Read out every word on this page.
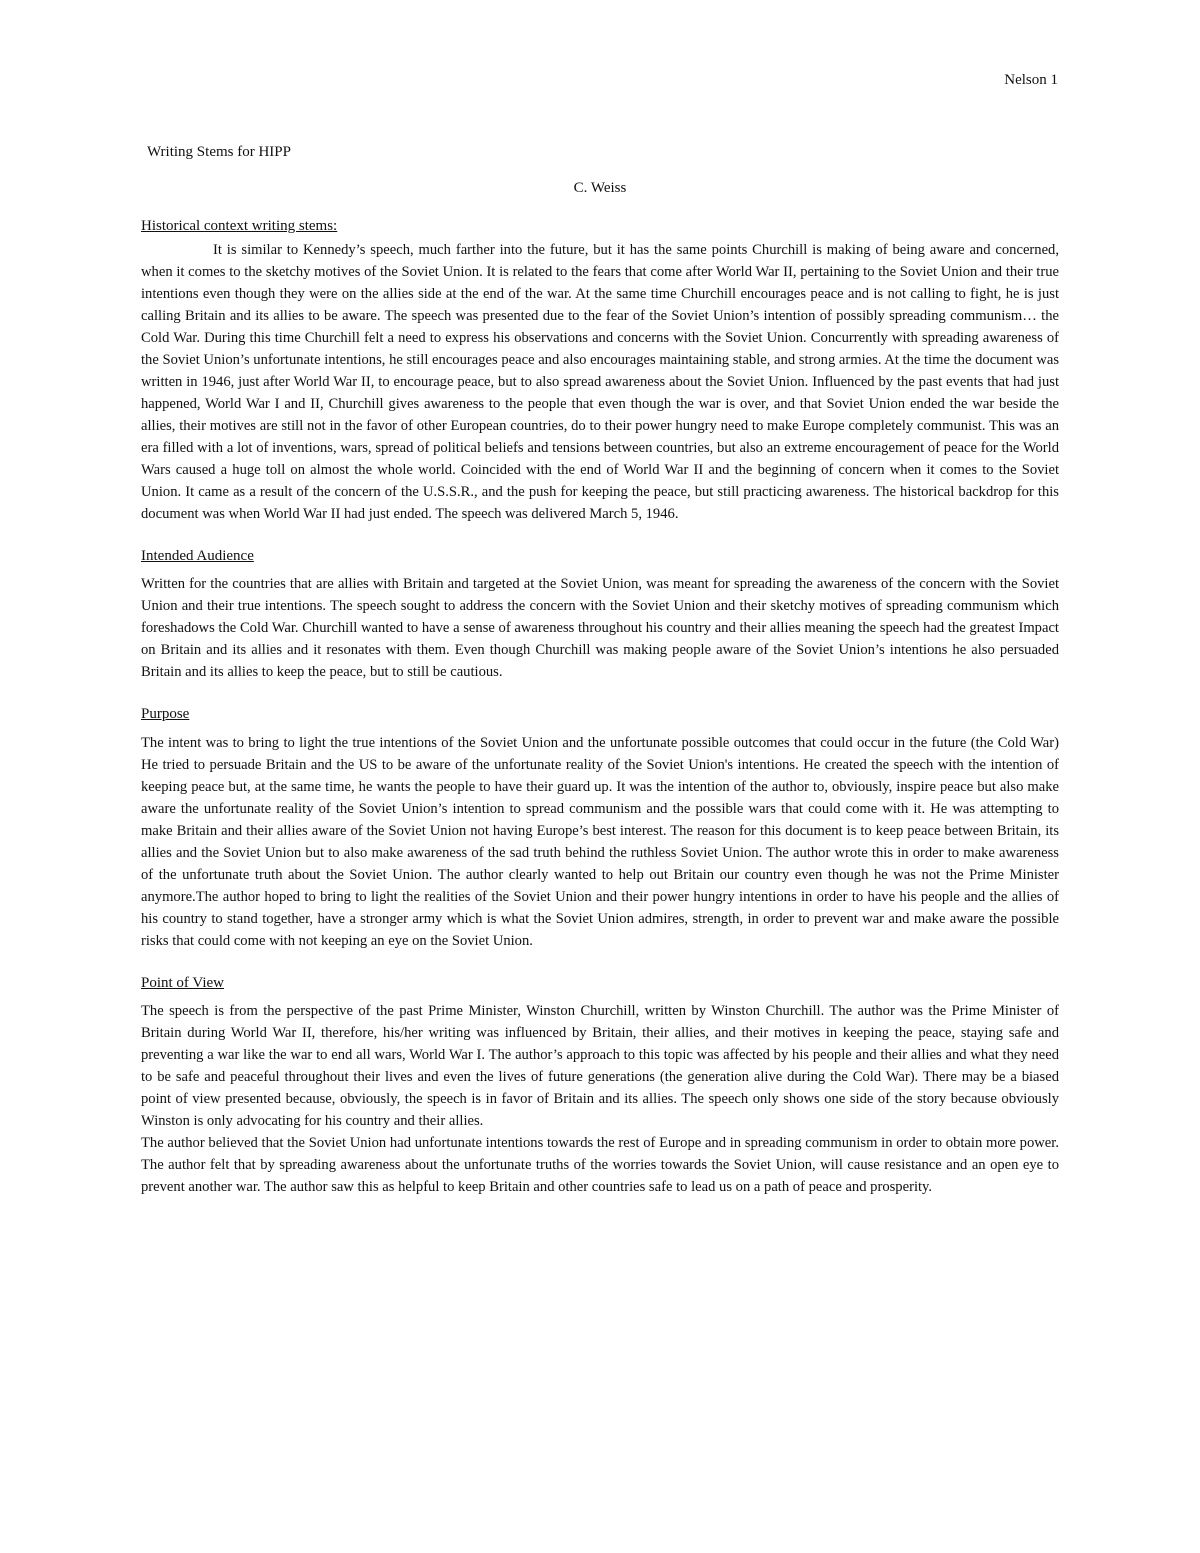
Nelson 1

Writing Stems for HIPP

C. Weiss

Historical context writing stems:

It is similar to Kennedy’s speech, much farther into the future, but it has the same points Churchill is making of being aware and concerned, when it comes to the sketchy motives of the Soviet Union. It is related to the fears that come after World War II, pertaining to the Soviet Union and their true intentions even though they were on the allies side at the end of the war. At the same time Churchill encourages peace and is not calling to fight, he is just calling Britain and its allies to be aware. The speech was presented due to the fear of the Soviet Union’s intention of possibly spreading communism… the Cold War. During this time Churchill felt a need to express his observations and concerns with the Soviet Union. Concurrently with spreading awareness of the Soviet Union’s unfortunate intentions, he still encourages peace and also encourages maintaining stable, and strong armies. At the time the document was written in 1946, just after World War II, to encourage peace, but to also spread awareness about the Soviet Union. Influenced by the past events that had just happened, World War I and II, Churchill gives awareness to the people that even though the war is over, and that Soviet Union ended the war beside the allies, their motives are still not in the favor of other European countries, do to their power hungry need to make Europe completely communist. This was an era filled with a lot of inventions, wars, spread of political beliefs and tensions between countries, but also an extreme encouragement of peace for the World Wars caused a huge toll on almost the whole world. Coincided with the end of World War II and the beginning of concern when it comes to the Soviet Union. It came as a result of the concern of the U.S.S.R., and the push for keeping the peace, but still practicing awareness. The historical backdrop for this document was when World War II had just ended. The speech was delivered March 5, 1946.

Intended Audience

Written for the countries that are allies with Britain and targeted at the Soviet Union, was meant for spreading the awareness of the concern with the Soviet Union and their true intentions. The speech sought to address the concern with the Soviet Union and their sketchy motives of spreading communism which foreshadows the Cold War. Churchill wanted to have a sense of awareness throughout his country and their allies meaning the speech had the greatest Impact on Britain and its allies and it resonates with them. Even though Churchill was making people aware of the Soviet Union’s intentions he also persuaded Britain and its allies to keep the peace, but to still be cautious.

Purpose

The intent was to bring to light the true intentions of the Soviet Union and the unfortunate possible outcomes that could occur in the future (the Cold War) He tried to persuade Britain and the US to be aware of the unfortunate reality of the Soviet Union's intentions. He created the speech with the intention of keeping peace but, at the same time, he wants the people to have their guard up. It was the intention of the author to, obviously, inspire peace but also make aware the unfortunate reality of the Soviet Union’s intention to spread communism and the possible wars that could come with it. He was attempting to make Britain and their allies aware of the Soviet Union not having Europe’s best interest. The reason for this document is to keep peace between Britain, its allies and the Soviet Union but to also make awareness of the sad truth behind the ruthless Soviet Union. The author wrote this in order to make awareness of the unfortunate truth about the Soviet Union. The author clearly wanted to help out Britain our country even though he was not the Prime Minister anymore.The author hoped to bring to light the realities of the Soviet Union and their power hungry intentions in order to have his people and the allies of his country to stand together, have a stronger army which is what the Soviet Union admires, strength, in order to prevent war and make aware the possible risks that could come with not keeping an eye on the Soviet Union.

Point of View

The speech is from the perspective of the past Prime Minister, Winston Churchill, written by Winston Churchill. The author was the Prime Minister of Britain during World War II, therefore, his/her writing was influenced by Britain, their allies, and their motives in keeping the peace, staying safe and preventing a war like the war to end all wars, World War I. The author’s approach to this topic was affected by his people and their allies and what they need to be safe and peaceful throughout their lives and even the lives of future generations (the generation alive during the Cold War). There may be a biased point of view presented because, obviously, the speech is in favor of Britain and its allies. The speech only shows one side of the story because obviously Winston is only advocating for his country and their allies.

The author believed that the Soviet Union had unfortunate intentions towards the rest of Europe and in spreading communism in order to obtain more power. The author felt that by spreading awareness about the unfortunate truths of the worries towards the Soviet Union, will cause resistance and an open eye to prevent another war. The author saw this as helpful to keep Britain and other countries safe to lead us on a path of peace and prosperity.
